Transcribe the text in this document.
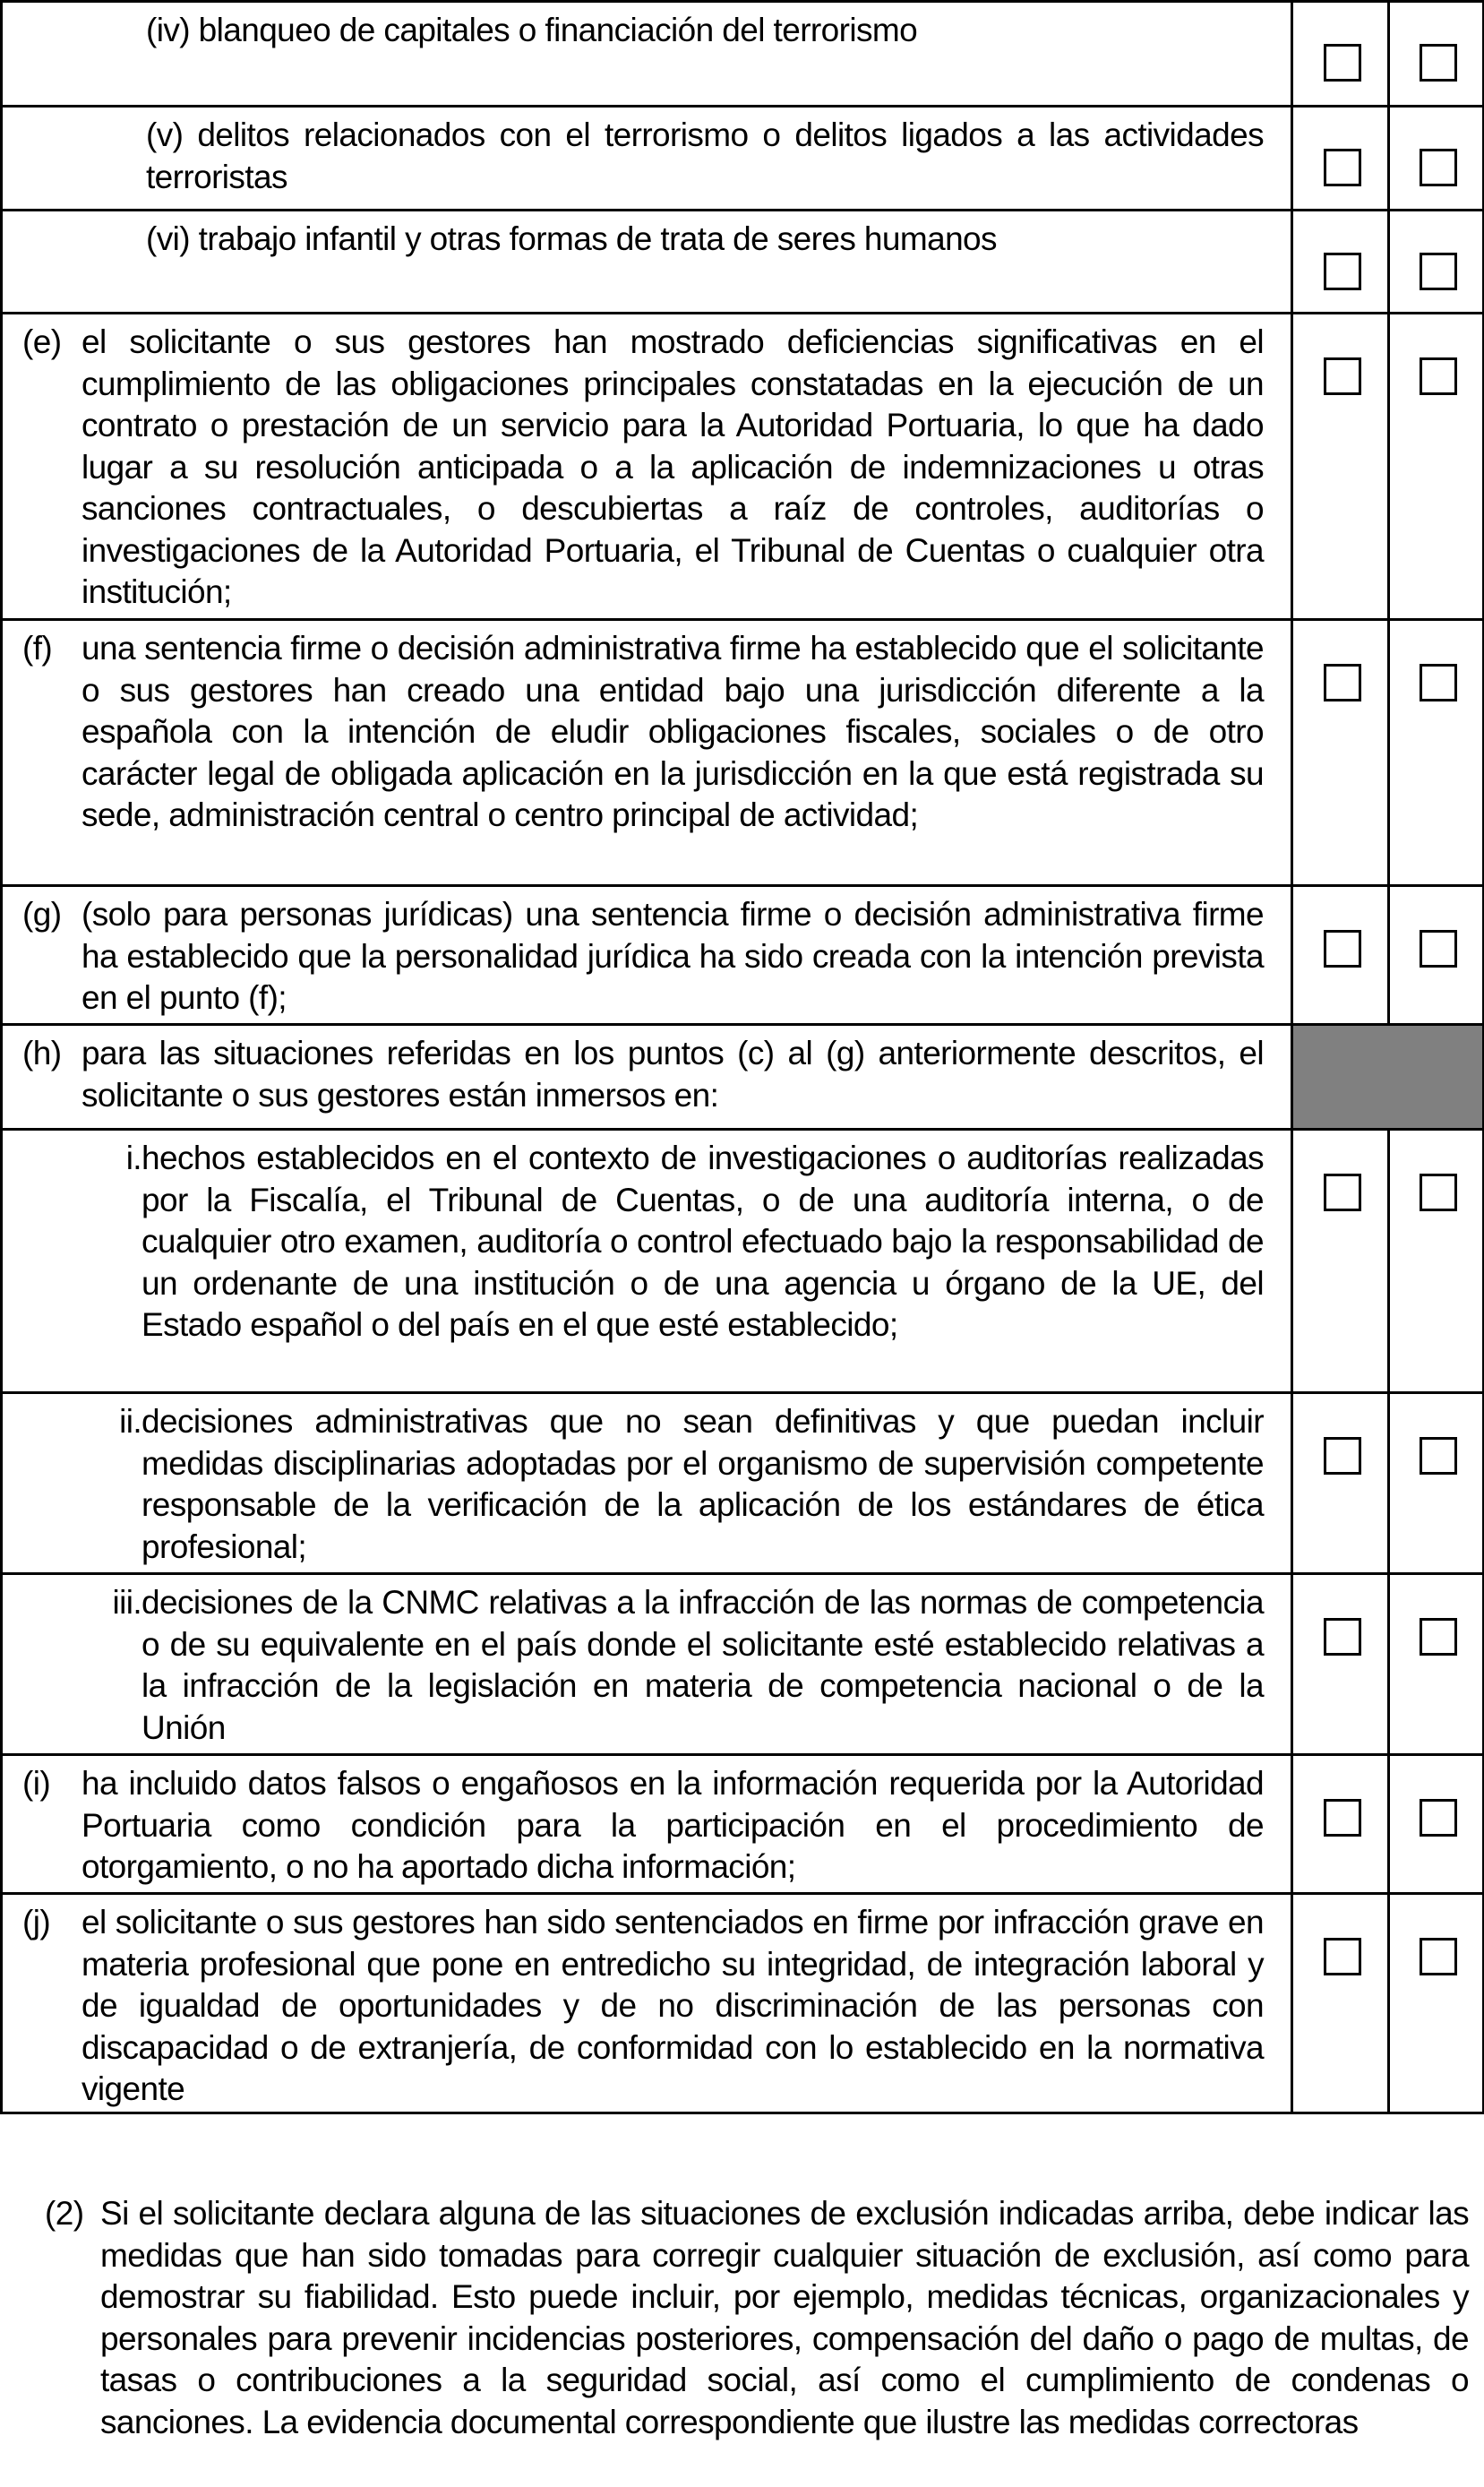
(iv) blanqueo de capitales o financiación del terrorismo		

(v) delitos relacionados con el terrorismo o delitos ligados a las actividades terroristas		

(vi) trabajo infantil y otras formas de trata de seres humanos		

(e) el solicitante o sus gestores han mostrado deficiencias significativas en el cumplimiento de las obligaciones principales constatadas en la ejecución de un contrato o prestación de un servicio para la Autoridad Portuaria, lo que ha dado lugar a su resolución anticipada o a la aplicación de indemnizaciones u otras sanciones contractuales, o descubiertas a raíz de controles, auditorías o investigaciones de la Autoridad Portuaria, el Tribunal de Cuentas o cualquier otra institución;		

(f) una sentencia firme o decisión administrativa firme ha establecido que el solicitante o sus gestores han creado una entidad bajo una jurisdicción diferente a la española con la intención de eludir obligaciones fiscales, sociales o de otro carácter legal de obligada aplicación en la jurisdicción en la que está registrada su sede, administración central o centro principal de actividad;		

(g) (solo para personas jurídicas) una sentencia firme o decisión administrativa firme ha establecido que la personalidad jurídica ha sido creada con la intención prevista en el punto (f);		

(h) para las situaciones referidas en los puntos (c) al (g) anteriormente descritos, el solicitante o sus gestores están inmersos en:		

i. hechos establecidos en el contexto de investigaciones o auditorías realizadas por la Fiscalía, el Tribunal de Cuentas, o de una auditoría interna, o de cualquier otro examen, auditoría o control efectuado bajo la responsabilidad de un ordenante de una institución o de una agencia u órgano de la UE, del Estado español o del país en el que esté establecido;		

ii. decisiones administrativas que no sean definitivas y que puedan incluir medidas disciplinarias adoptadas por el organismo de supervisión competente responsable de la verificación de la aplicación de los estándares de ética profesional;		

iii. decisiones de la CNMC relativas a la infracción de las normas de competencia o de su equivalente en el país donde el solicitante esté establecido relativas a la infracción de la legislación en materia de competencia nacional o de la Unión		

(i) ha incluido datos falsos o engañosos en la información requerida por la Autoridad Portuaria como condición para la participación en el procedimiento de otorgamiento, o no ha aportado dicha información;		

(j) el solicitante o sus gestores han sido sentenciados en firme por infracción grave en materia profesional que pone en entredicho su integridad, de integración laboral y de igualdad de oportunidades y de no discriminación de las personas con discapacidad o de extranjería, de conformidad con lo establecido en la normativa vigente		

(2) Si el solicitante declara alguna de las situaciones de exclusión indicadas arriba, debe indicar las medidas que han sido tomadas para corregir cualquier situación de exclusión, así como para demostrar su fiabilidad. Esto puede incluir, por ejemplo, medidas técnicas, organizacionales y personales para prevenir incidencias posteriores, compensación del daño o pago de multas, de tasas o contribuciones a la seguridad social, así como el cumplimiento de condenas o sanciones. La evidencia documental correspondiente que ilustre las medidas correctoras
